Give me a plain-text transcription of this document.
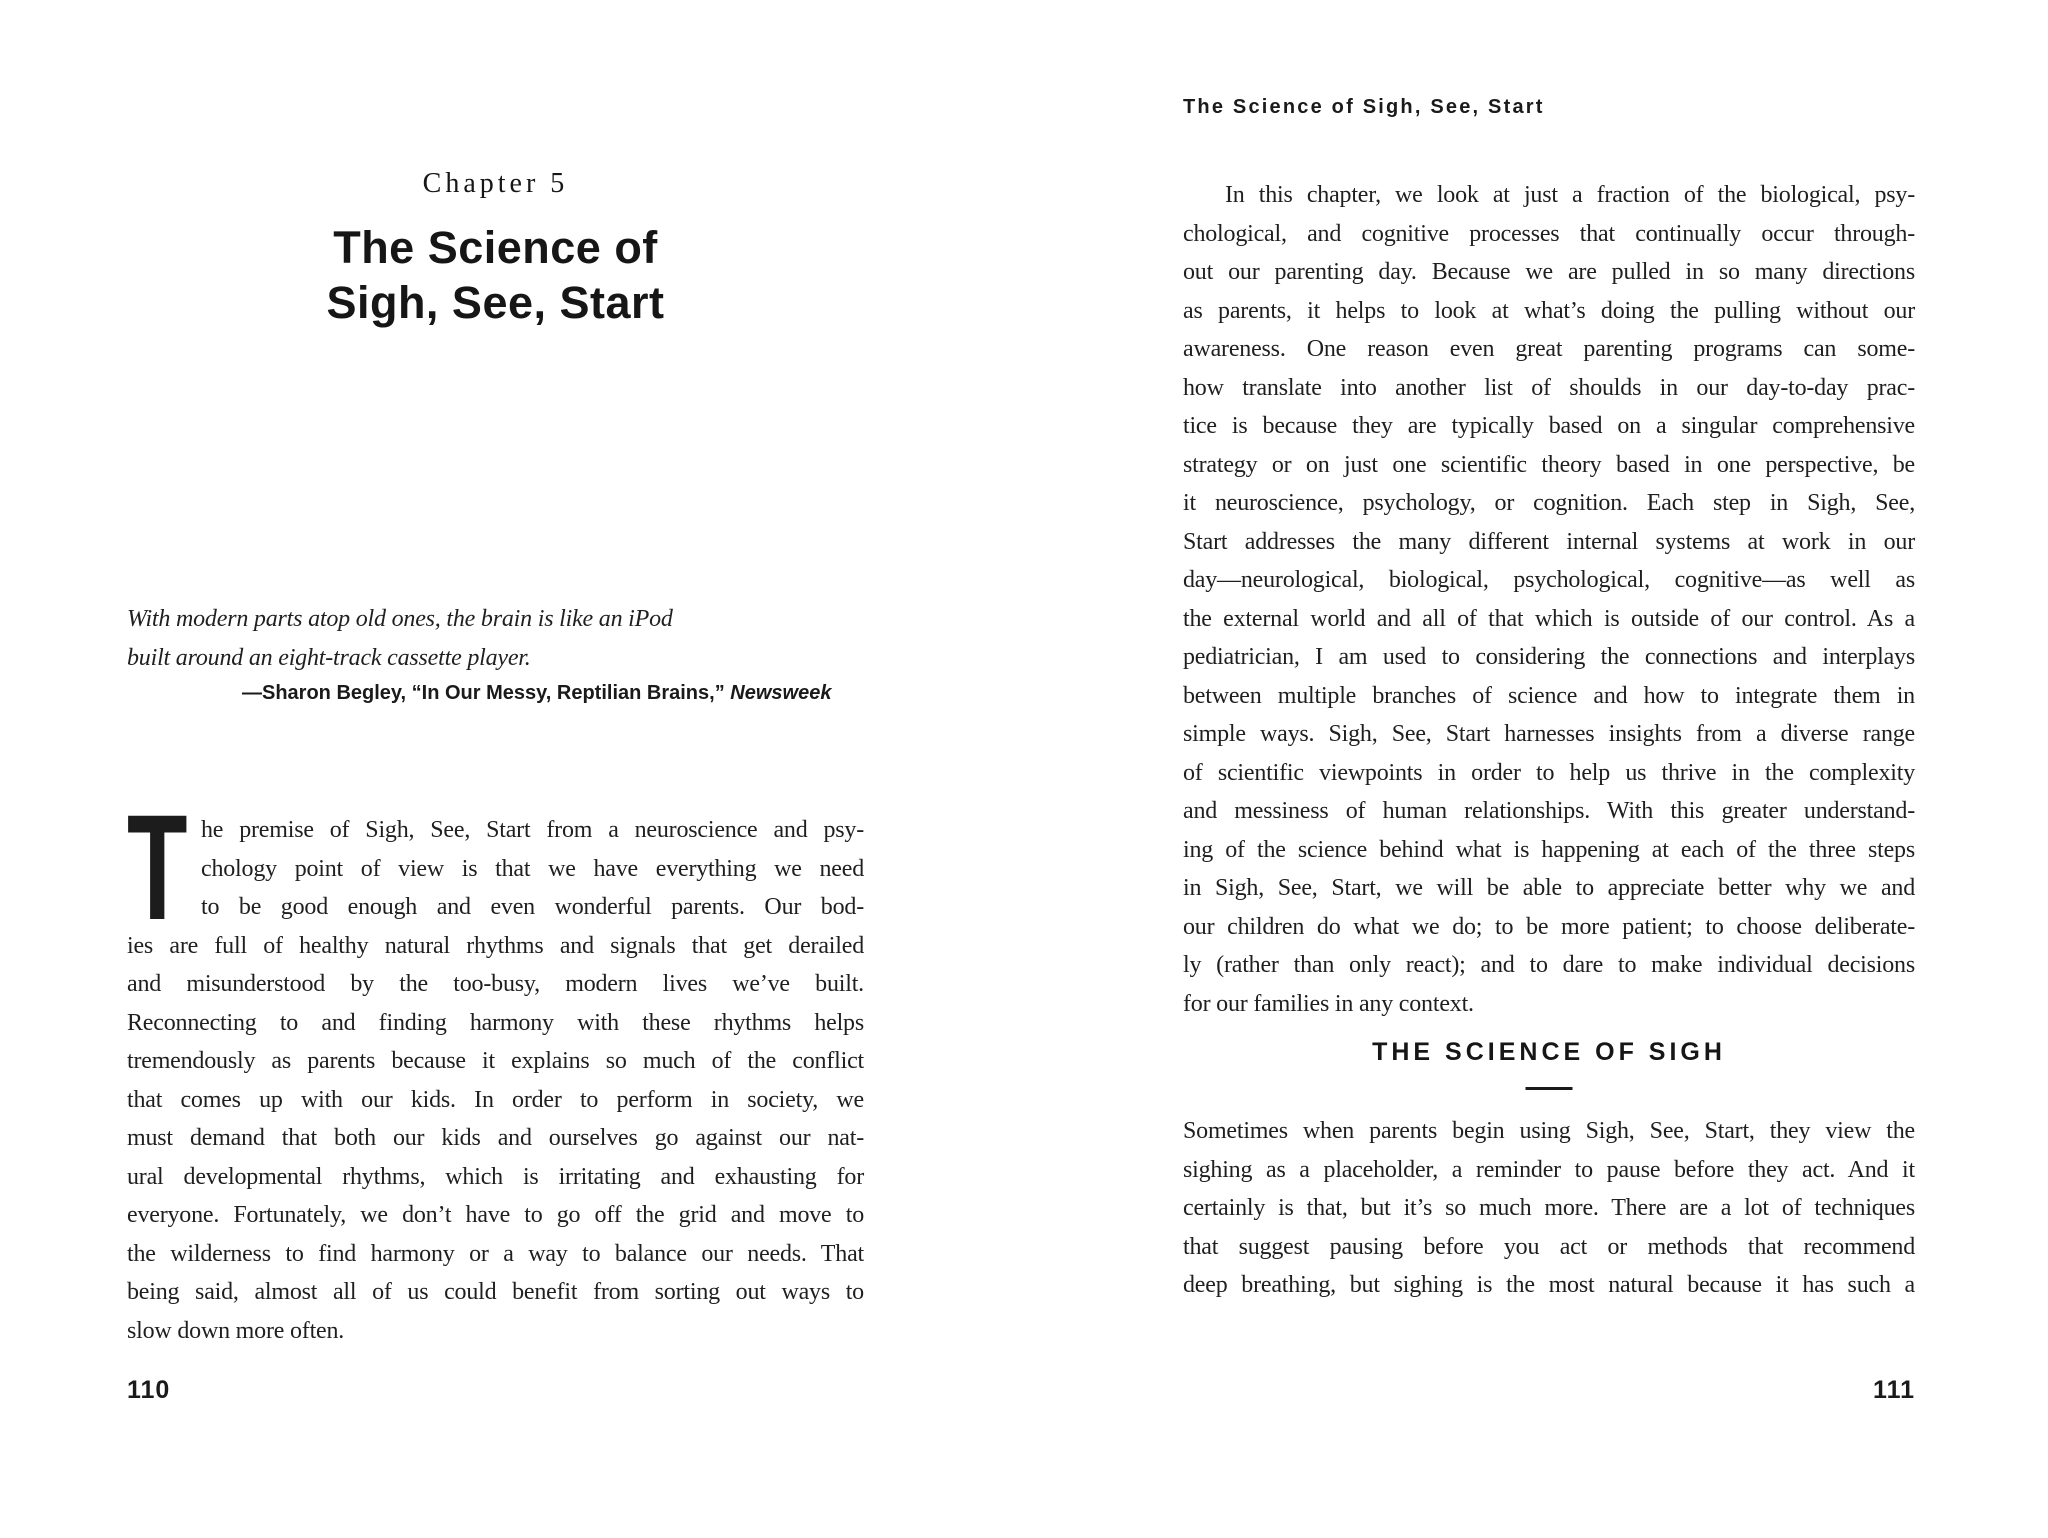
Chapter 5
The Science of
Sigh, See, Start
With modern parts atop old ones, the brain is like an iPod
built around an eight-track cassette player.
—Sharon Begley, “In Our Messy, Reptilian Brains,” Newsweek
T he premise of Sigh, See, Start from a neuroscience and psy-
chology point of view is that we have everything we need
to be good enough and even wonderful parents. Our bod-
ies are full of healthy natural rhythms and signals that get derailed
and misunderstood by the too-busy, modern lives we’ve built.
Reconnecting to and finding harmony with these rhythms helps
tremendously as parents because it explains so much of the conflict
that comes up with our kids. In order to perform in society, we
must demand that both our kids and ourselves go against our nat-
ural developmental rhythms, which is irritating and exhausting for
everyone. Fortunately, we don’t have to go off the grid and move to
the wilderness to find harmony or a way to balance our needs. That
being said, almost all of us could benefit from sorting out ways to
slow down more often.
110
The Science of Sigh, See, Start
In this chapter, we look at just a fraction of the biological, psy-
chological, and cognitive processes that continually occur through-
out our parenting day. Because we are pulled in so many directions
as parents, it helps to look at what’s doing the pulling without our
awareness. One reason even great parenting programs can some-
how translate into another list of shoulds in our day-to-day prac-
tice is because they are typically based on a singular comprehensive
strategy or on just one scientific theory based in one perspective, be
it neuroscience, psychology, or cognition. Each step in Sigh, See,
Start addresses the many different internal systems at work in our
day—neurological, biological, psychological, cognitive—as well as
the external world and all of that which is outside of our control. As a
pediatrician, I am used to considering the connections and interplays
between multiple branches of science and how to integrate them in
simple ways. Sigh, See, Start harnesses insights from a diverse range
of scientific viewpoints in order to help us thrive in the complexity
and messiness of human relationships. With this greater understand-
ing of the science behind what is happening at each of the three steps
in Sigh, See, Start, we will be able to appreciate better why we and
our children do what we do; to be more patient; to choose deliberate-
ly (rather than only react); and to dare to make individual decisions
for our families in any context.
THE SCIENCE OF SIGH
Sometimes when parents begin using Sigh, See, Start, they view the
sighing as a placeholder, a reminder to pause before they act. And it
certainly is that, but it’s so much more. There are a lot of techniques
that suggest pausing before you act or methods that recommend
deep breathing, but sighing is the most natural because it has such a
111
